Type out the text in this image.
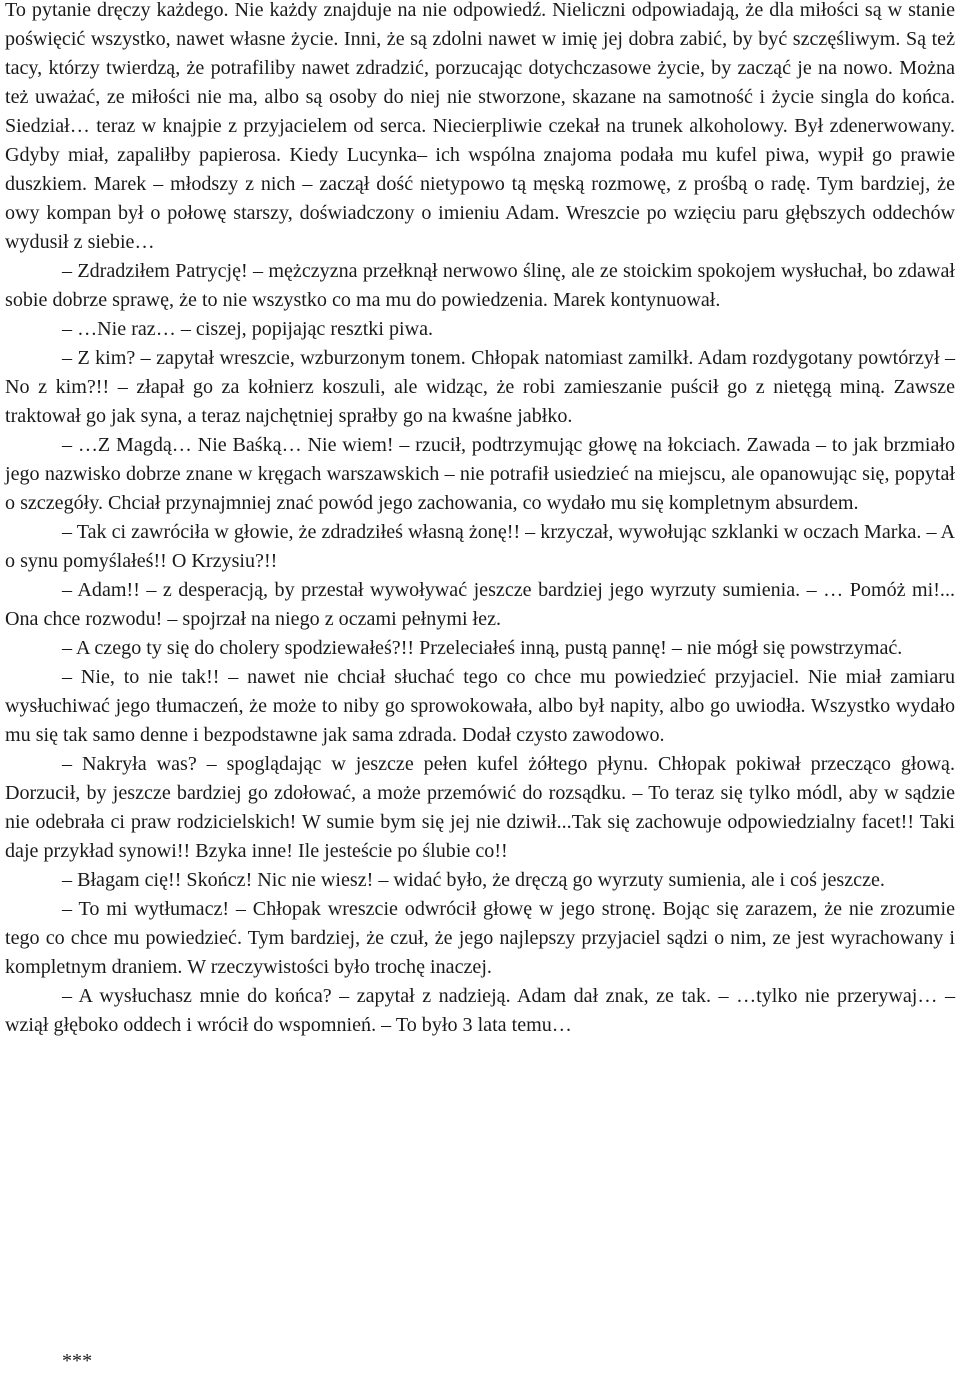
To pytanie dręczy każdego. Nie każdy znajduje na nie odpowiedź. Nieliczni odpowiadają, że dla miłości są w stanie poświęcić wszystko, nawet własne życie. Inni, że są zdolni nawet w imię jej dobra zabić, by być szczęśliwym. Są też tacy, którzy twierdzą, że potrafiliby nawet zdradzić, porzucając dotychczasowe życie, by zacząć je na nowo. Można też uważać, ze miłości nie ma, albo są osoby do niej nie stworzone, skazane na samotność i życie singla do końca. Siedział… teraz w knajpie z przyjacielem od serca. Niecierpliwie czekał na trunek alkoholowy. Był zdenerwowany. Gdyby miał, zapaliłby papierosa. Kiedy Lucynka– ich wspólna znajoma podała mu kufel piwa, wypił go prawie duszkiem. Marek – młodszy z nich – zaczął dość nietypowo tą męską rozmowę, z prośbą o radę. Tym bardziej, że owy kompan był o połowę starszy, doświadczony o imieniu Adam. Wreszcie po wzięciu paru głębszych oddechów wydusił z siebie…

– Zdradziłem Patrycję! – mężczyzna przełknął nerwowo ślinę, ale ze stoickim spokojem wysłuchał, bo zdawał sobie dobrze sprawę, że to nie wszystko co ma mu do powiedzenia. Marek kontynuował.

– …Nie raz… – ciszej, popijając resztki piwa.

– Z kim? – zapytał wreszcie, wzburzonym tonem. Chłopak natomiast zamilkł. Adam rozdygotany powtórzył – No z kim?!! – złapał go za kołnierz koszuli, ale widząc, że robi zamieszanie puścił go z nietęgą miną. Zawsze traktował go jak syna, a teraz najchętniej sprałby go na kwaśne jabłko.

– …Z Magdą… Nie Baśką… Nie wiem! – rzucił, podtrzymując głowę na łokciach. Zawada – to jak brzmiało jego nazwisko dobrze znane w kręgach warszawskich – nie potrafił usiedzieć na miejscu, ale opanowując się, popytał o szczegóły. Chciał przynajmniej znać powód jego zachowania, co wydało mu się kompletnym absurdem.

– Tak ci zawróciła w głowie, że zdradziłeś własną żonę!! – krzyczał, wywołując szklanki w oczach Marka. – A o synu pomyślałeś!! O Krzysiu?!!

– Adam!! – z desperacją, by przestał wywoływać jeszcze bardziej jego wyrzuty sumienia. – … Pomóż mi!... Ona chce rozwodu! – spojrzał na niego z oczami pełnymi łez.

– A czego ty się do cholery spodziewałeś?!! Przeleciałeś inną, pustą pannę! – nie mógł się powstrzymać.

– Nie, to nie tak!! – nawet nie chciał słuchać tego co chce mu powiedzieć przyjaciel. Nie miał zamiaru wysłuchiwać jego tłumaczeń, że może to niby go sprowokowała, albo był napity, albo go uwiodła. Wszystko wydało mu się tak samo denne i bezpodstawne jak sama zdrada. Dodał czysto zawodowo.

– Nakryła was? – spoglądając w jeszcze pełen kufel żółtego płynu. Chłopak pokiwał przecząco głową. Dorzucił, by jeszcze bardziej go zdołować, a może przemówić do rozsądku. – To teraz się tylko módl, aby w sądzie nie odebrała ci praw rodzicielskich! W sumie bym się jej nie dziwił...Tak się zachowuje odpowiedzialny facet!! Taki daje przykład synowi!! Bzyka inne! Ile jesteście po ślubie co!!

– Błagam cię!! Skończ! Nic nie wiesz! – widać było, że dręczą go wyrzuty sumienia, ale i coś jeszcze.

– To mi wytłumacz! – Chłopak wreszcie odwrócił głowę w jego stronę. Bojąc się zarazem, że nie zrozumie tego co chce mu powiedzieć. Tym bardziej, że czuł, że jego najlepszy przyjaciel sądzi o nim, ze jest wyrachowany i kompletnym draniem. W rzeczywistości było trochę inaczej.

– A wysłuchasz mnie do końca? – zapytał z nadzieją. Adam dał znak, ze tak. – …tylko nie przerywaj… – wziął głęboko oddech i wrócił do wspomnień. – To było 3 lata temu…

***
